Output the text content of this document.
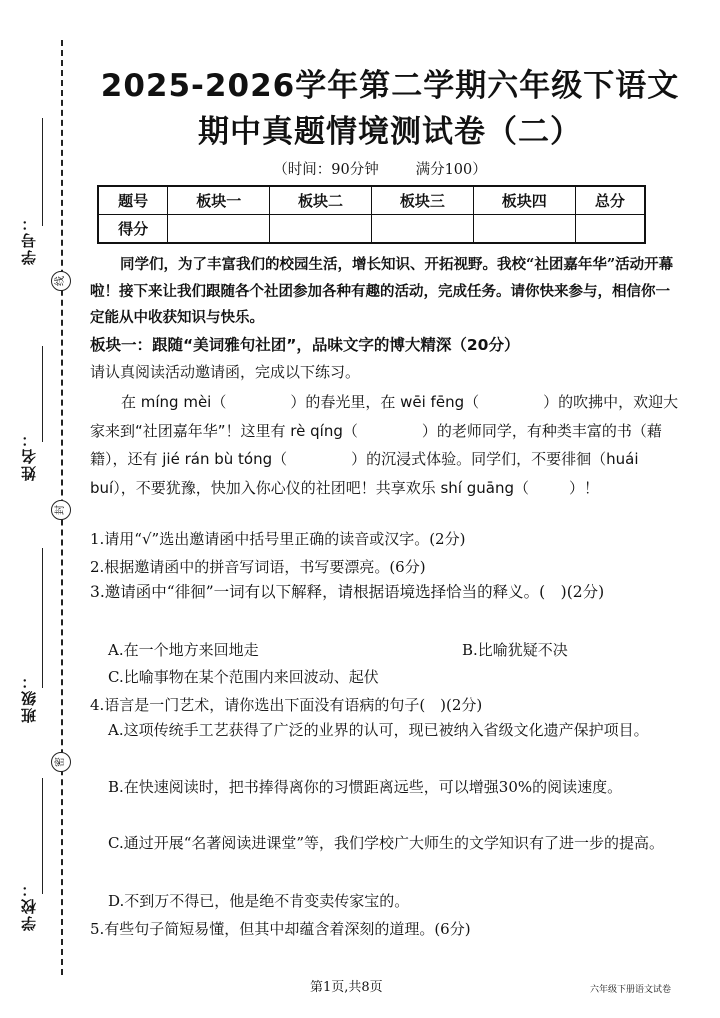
学号：
线
姓名：
封
班级：
密
学校：
2025-2026学年第二学期六年级下语文
期中真题情境测试卷（二）
（时间：90分钟        满分100）
题号	板块一	板块二	板块三	板块四	总分
得分					
同学们，为了丰富我们的校园生活，增长知识、开拓视野。我校“社团嘉年华”活动开幕啦！接下来让我们跟随各个社团参加各种有趣的活动，完成任务。请你快来参与，相信你一定能从中收获知识与快乐。
板块一：跟随“美词雅句社团”，品味文字的博大精深（20分）
请认真阅读活动邀请函，完成以下练习。
在 míng mèi（	）的春光里，在 wēi fēng（	）的吹拂中，欢迎大家来到“社团嘉年华”！这里有 rè qíng（	）的老师同学，有种类丰富的书（藉　籍），还有 jié rán bù tóng（	）的沉浸式体验。同学们，不要徘徊（huái　buí），不要犹豫，快加入你心仪的社团吧！共享欢乐 shí guāng（	）！
1.请用“√”选出邀请函中括号里正确的读音或汉字。(2分)
2.根据邀请函中的拼音写词语，书写要漂亮。(6分)
3.邀请函中“徘徊”一词有以下解释，请根据语境选择恰当的释义。(　)(2分)
A.在一个地方来回地走	B.比喻犹疑不决
C.比喻事物在某个范围内来回波动、起伏
4.语言是一门艺术，请你选出下面没有语病的句子(　)(2分)
A.这项传统手工艺获得了广泛的业界的认可，现已被纳入省级文化遗产保护项目。
B.在快速阅读时，把书捧得离你的习惯距离远些，可以增强30%的阅读速度。
C.通过开展“名著阅读进课堂”等，我们学校广大师生的文学知识有了进一步的提高。
D.不到万不得已，他是绝不肯变卖传家宝的。
5.有些句子简短易懂，但其中却蕴含着深刻的道理。(6分)
第1页,共8页	六年级下册语文试卷
